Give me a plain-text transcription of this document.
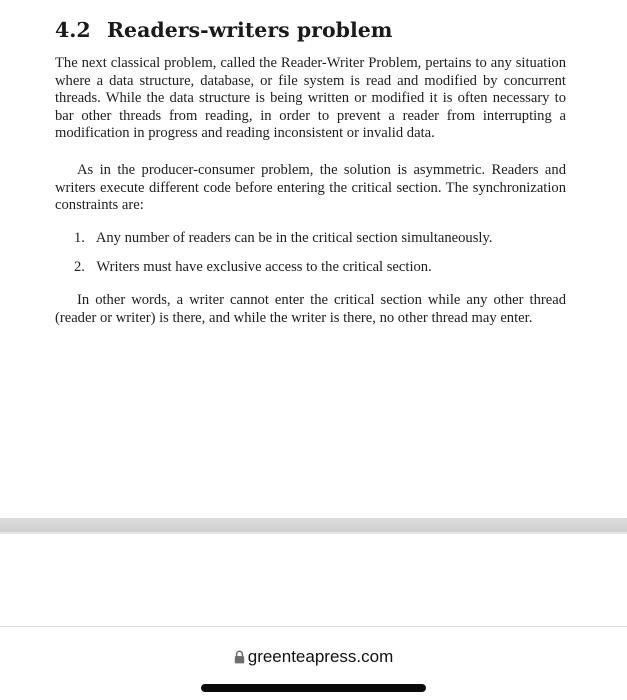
4.2 Readers-writers problem

The next classical problem, called the Reader-Writer Problem, pertains to any situation where a data structure, database, or file system is read and modified by concurrent threads. While the data structure is being written or modified it is often necessary to bar other threads from reading, in order to prevent a reader from interrupting a modification in progress and reading inconsistent or invalid data.

As in the producer-consumer problem, the solution is asymmetric. Readers and writers execute different code before entering the critical section. The synchronization constraints are:

1. Any number of readers can be in the critical section simultaneously.
2. Writers must have exclusive access to the critical section.

In other words, a writer cannot enter the critical section while any other thread (reader or writer) is there, and while the writer is there, no other thread may enter.

greenteapress.com
